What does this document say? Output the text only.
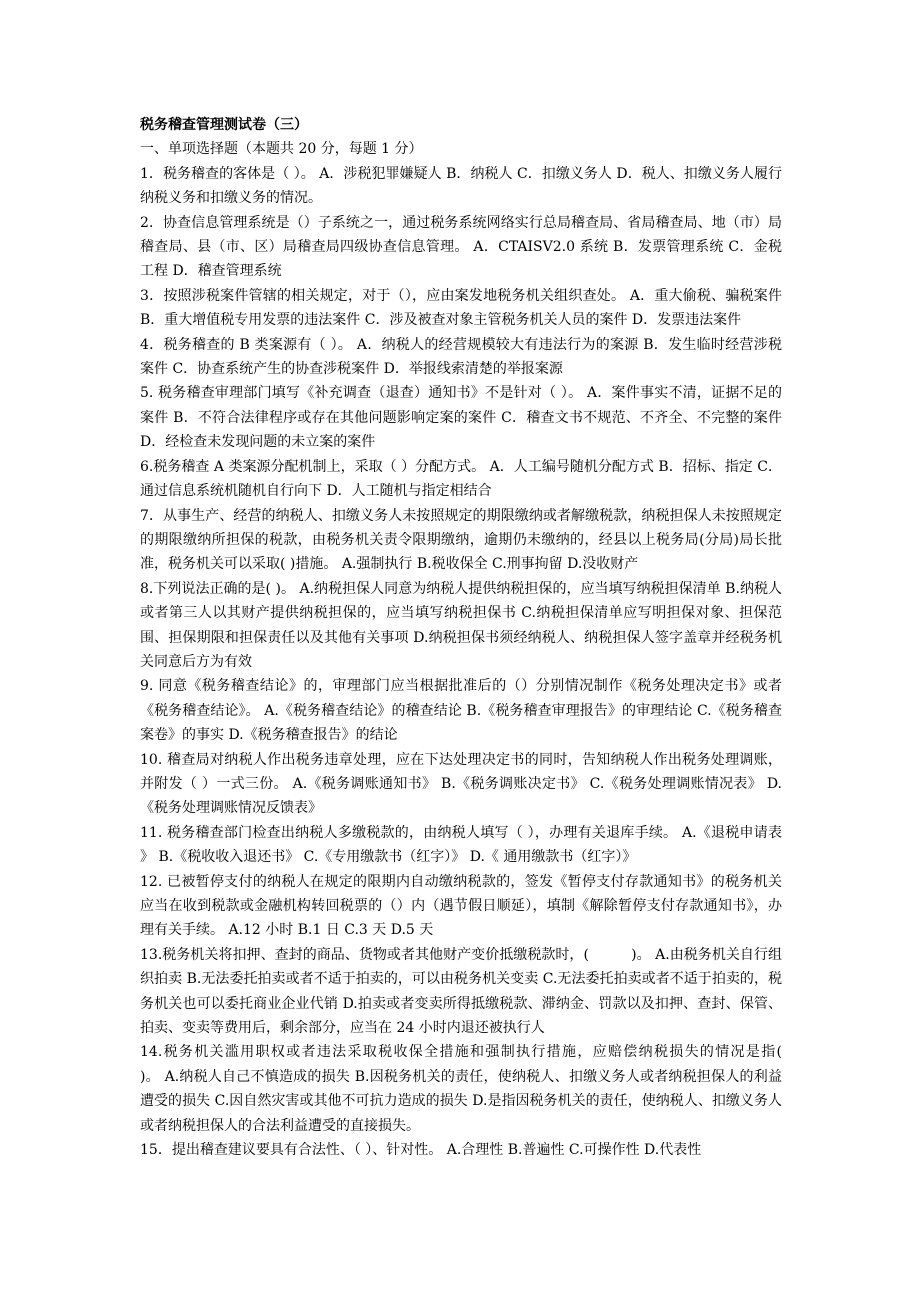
税务稽查管理测试卷（三）

一、单项选择题（本题共 20 分，每题 1 分）

1．税务稽查的客体是（ ）。 A．涉税犯罪嫌疑人 B．纳税人 C．扣缴义务人 D．税人、扣缴义务人履行纳税义务和扣缴义务的情况。

2．协查信息管理系统是（）子系统之一，通过税务系统网络实行总局稽查局、省局稽查局、地（市）局稽查局、县（市、区）局稽查局四级协查信息管理。 A．CTAISV2.0 系统 B．发票管理系统 C．金税工程 D．稽查管理系统

3．按照涉税案件管辖的相关规定，对于（），应由案发地税务机关组织查处。 A．重大偷税、骗税案件 B．重大增值税专用发票的违法案件 C．涉及被查对象主管税务机关人员的案件 D．发票违法案件

4．税务稽查的 B 类案源有（ ）。 A．纳税人的经营规模较大有违法行为的案源 B．发生临时经营涉税案件 C．协查系统产生的协查涉税案件 D．举报线索清楚的举报案源

5. 税务稽查审理部门填写《补充调查（退查）通知书》不是针对（ ）。 A．案件事实不清，证据不足的案件 B．不符合法律程序或存在其他问题影响定案的案件 C．稽查文书不规范、不齐全、不完整的案件 D．经检查未发现问题的未立案的案件

6.税务稽查 A 类案源分配机制上，采取（ ）分配方式。 A．人工编号随机分配方式 B．招标、指定 C．通过信息系统机随机自行向下 D．人工随机与指定相结合

7．从事生产、经营的纳税人、扣缴义务人未按照规定的期限缴纳或者解缴税款，纳税担保人未按照规定的期限缴纳所担保的税款，由税务机关责令限期缴纳，逾期仍未缴纳的，经县以上税务局(分局)局长批准，税务机关可以采取( )措施。 A.强制执行 B.税收保全 C.刑事拘留 D.没收财产

8.下列说法正确的是( )。 A.纳税担保人同意为纳税人提供纳税担保的，应当填写纳税担保清单 B.纳税人或者第三人以其财产提供纳税担保的，应当填写纳税担保书 C.纳税担保清单应写明担保对象、担保范围、担保期限和担保责任以及其他有关事项 D.纳税担保书须经纳税人、纳税担保人签字盖章并经税务机关同意后方为有效

9. 同意《税务稽查结论》的，审理部门应当根据批准后的（）分别情况制作《税务处理决定书》或者《税务稽查结论》。 A.《税务稽查结论》的稽查结论 B.《税务稽查审理报告》的审理结论 C.《税务稽查案卷》的事实 D.《税务稽查报告》的结论

10. 稽查局对纳税人作出税务违章处理，应在下达处理决定书的同时，告知纳税人作出税务处理调账，并附发（ ）一式三份。 A.《税务调账通知书》 B.《税务调账决定书》 C.《税务处理调账情况表》 D.《税务处理调账情况反馈表》

11. 税务稽查部门检查出纳税人多缴税款的，由纳税人填写（ ），办理有关退库手续。 A.《退税申请表 》 B.《税收收入退还书》 C.《专用缴款书（红字）》 D.《 通用缴款书（红字）》

12. 已被暂停支付的纳税人在规定的限期内自动缴纳税款的，签发《暂停支付存款通知书》的税务机关应当在收到税款或金融机构转回税票的（）内（遇节假日顺延），填制《解除暂停支付存款通知书》，办理有关手续。 A.12 小时 B.1 日 C.3 天 D.5 天

13.税务机关将扣押、查封的商品、货物或者其他财产变价抵缴税款时，(　　　)。 A.由税务机关自行组织拍卖 B.无法委托拍卖或者不适于拍卖的，可以由税务机关变卖 C.无法委托拍卖或者不适于拍卖的，税务机关也可以委托商业企业代销 D.拍卖或者变卖所得抵缴税款、滞纳金、罚款以及扣押、查封、保管、拍卖、变卖等费用后，剩余部分，应当在 24 小时内退还被执行人

14.税务机关滥用职权或者违法采取税收保全措施和强制执行措施，应赔偿纳税损失的情况是指(　　　)。 A.纳税人自己不慎造成的损失 B.因税务机关的责任，使纳税人、扣缴义务人或者纳税担保人的利益遭受的损失 C.因自然灾害或其他不可抗力造成的损失 D.是指因税务机关的责任，使纳税人、扣缴义务人或者纳税担保人的合法利益遭受的直接损失。

15．提出稽查建议要具有合法性、（ ）、针对性。 A.合理性 B.普遍性 C.可操作性 D.代表性
